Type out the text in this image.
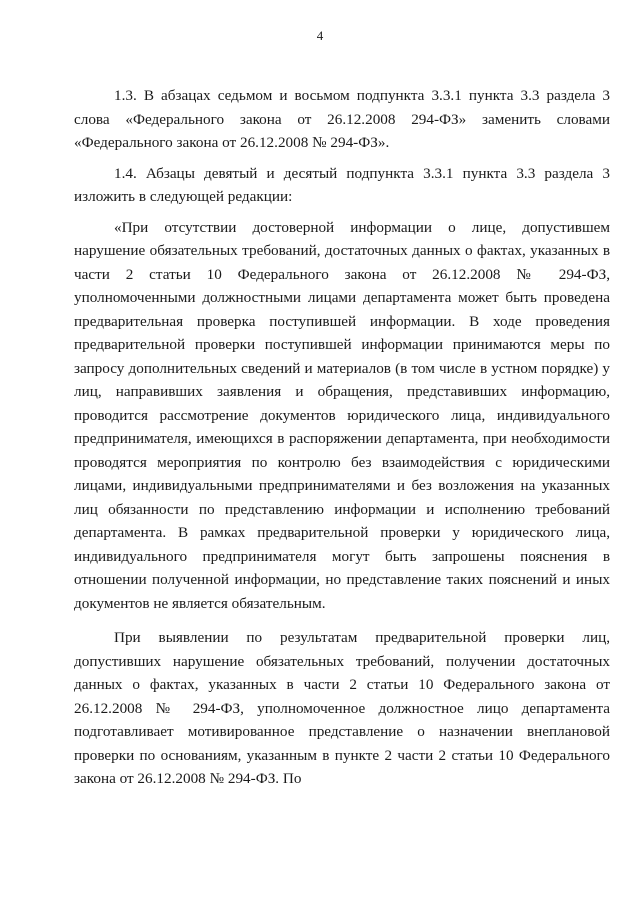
4

1.3. В абзацах седьмом и восьмом подпункта 3.3.1 пункта 3.3 раздела 3 слова «Федерального закона от 26.12.2008 294-ФЗ» заменить словами «Федерального закона от 26.12.2008 № 294-ФЗ».

1.4. Абзацы девятый и десятый подпункта 3.3.1 пункта 3.3 раздела 3 изложить в следующей редакции:

«При отсутствии достоверной информации о лице, допустившем нарушение обязательных требований, достаточных данных о фактах, указанных в части 2 статьи 10 Федерального закона от 26.12.2008 № 294-ФЗ, уполномоченными должностными лицами департамента может быть проведена предварительная проверка поступившей информации. В ходе проведения предварительной проверки поступившей информации принимаются меры по запросу дополнительных сведений и материалов (в том числе в устном порядке) у лиц, направивших заявления и обращения, представивших информацию, проводится рассмотрение документов юридического лица, индивидуального предпринимателя, имеющихся в распоряжении департамента, при необходимости проводятся мероприятия по контролю без взаимодействия с юридическими лицами, индивидуальными предпринимателями и без возложения на указанных лиц обязанности по представлению информации и исполнению требований департамента. В рамках предварительной проверки у юридического лица, индивидуального предпринимателя могут быть запрошены пояснения в отношении полученной информации, но представление таких пояснений и иных документов не является обязательным.

При выявлении по результатам предварительной проверки лиц, допустивших нарушение обязательных требований, получении достаточных данных о фактах, указанных в части 2 статьи 10 Федерального закона от 26.12.2008 № 294-ФЗ, уполномоченное должностное лицо департамента подготавливает мотивированное представление о назначении внеплановой проверки по основаниям, указанным в пункте 2 части 2 статьи 10 Федерального закона от 26.12.2008 № 294-ФЗ. По
